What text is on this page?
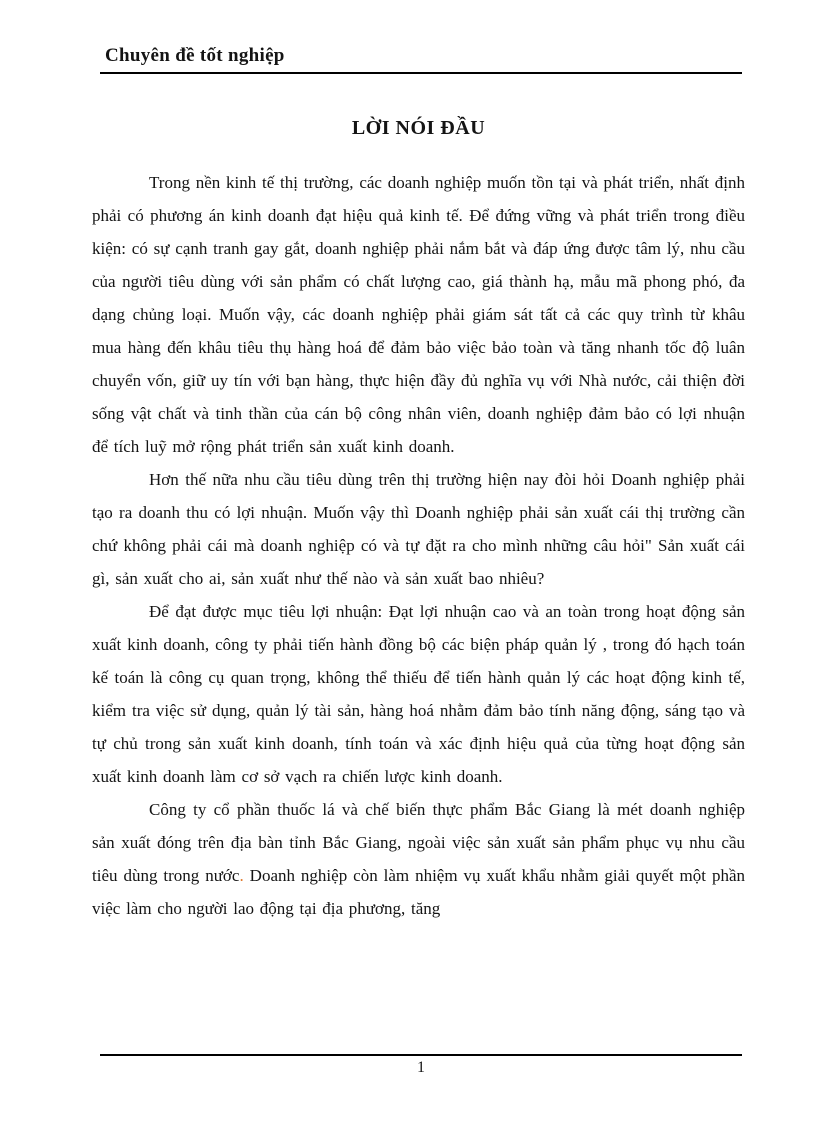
Chuyên đề tốt nghiệp
LỜI NÓI ĐẦU

Trong nền kinh tế thị trường, các doanh nghiệp muốn tồn tại và phát triển, nhất định phải có phương án kinh doanh đạt hiệu quả kinh tế. Để đứng vững và phát triển trong điều kiện: có sự cạnh tranh gay gắt, doanh nghiệp phải nắm bắt và đáp ứng được tâm lý, nhu cầu của người tiêu dùng với sản phẩm có chất lượng cao, giá thành hạ, mẫu mã phong phó, đa dạng chủng loại. Muốn vậy, các doanh nghiệp phải giám sát tất cả các quy trình từ khâu mua hàng đến khâu tiêu thụ hàng hoá để đảm bảo việc bảo toàn và tăng nhanh tốc độ luân chuyển vốn, giữ uy tín với bạn hàng, thực hiện đầy đủ nghĩa vụ với Nhà nước, cải thiện đời sống vật chất và tinh thần của cán bộ công nhân viên, doanh nghiệp đảm bảo có lợi nhuận để tích luỹ mở rộng phát triển sản xuất kinh doanh.

Hơn thế nữa nhu cầu tiêu dùng trên thị trường hiện nay đòi hỏi Doanh nghiệp phải tạo ra doanh thu có lợi nhuận. Muốn vậy thì Doanh nghiệp phải sản xuất cái thị trường cần chứ không phải cái mà doanh nghiệp có và tự đặt ra cho mình những câu hỏi" Sản xuất cái gì, sản xuất cho ai, sản xuất như thế nào và sản xuất bao nhiêu?

Để đạt được mục tiêu lợi nhuận: Đạt lợi nhuận cao và an toàn trong hoạt động sản xuất kinh doanh, công ty phải tiến hành đồng bộ các biện pháp quản lý , trong đó hạch toán kế toán là công cụ quan trọng, không thể thiếu để tiến hành quản lý các hoạt động kinh tế, kiểm tra việc sử dụng, quản lý tài sản, hàng hoá nhằm đảm bảo tính năng động, sáng tạo và tự chủ trong sản xuất kinh doanh, tính toán và xác định hiệu quả của từng hoạt động sản xuất kinh doanh làm cơ sở vạch ra chiến lược kinh doanh.

Công ty cổ phần thuốc lá và chế biến thực phẩm Bắc Giang là mét doanh nghiệp sản xuất đóng trên địa bàn tỉnh Bắc Giang, ngoài việc sản xuất sản phẩm phục vụ nhu cầu tiêu dùng trong nước. Doanh nghiệp còn làm nhiệm vụ xuất khẩu nhằm giải quyết một phần việc làm cho người lao động tại địa phương, tăng

1
